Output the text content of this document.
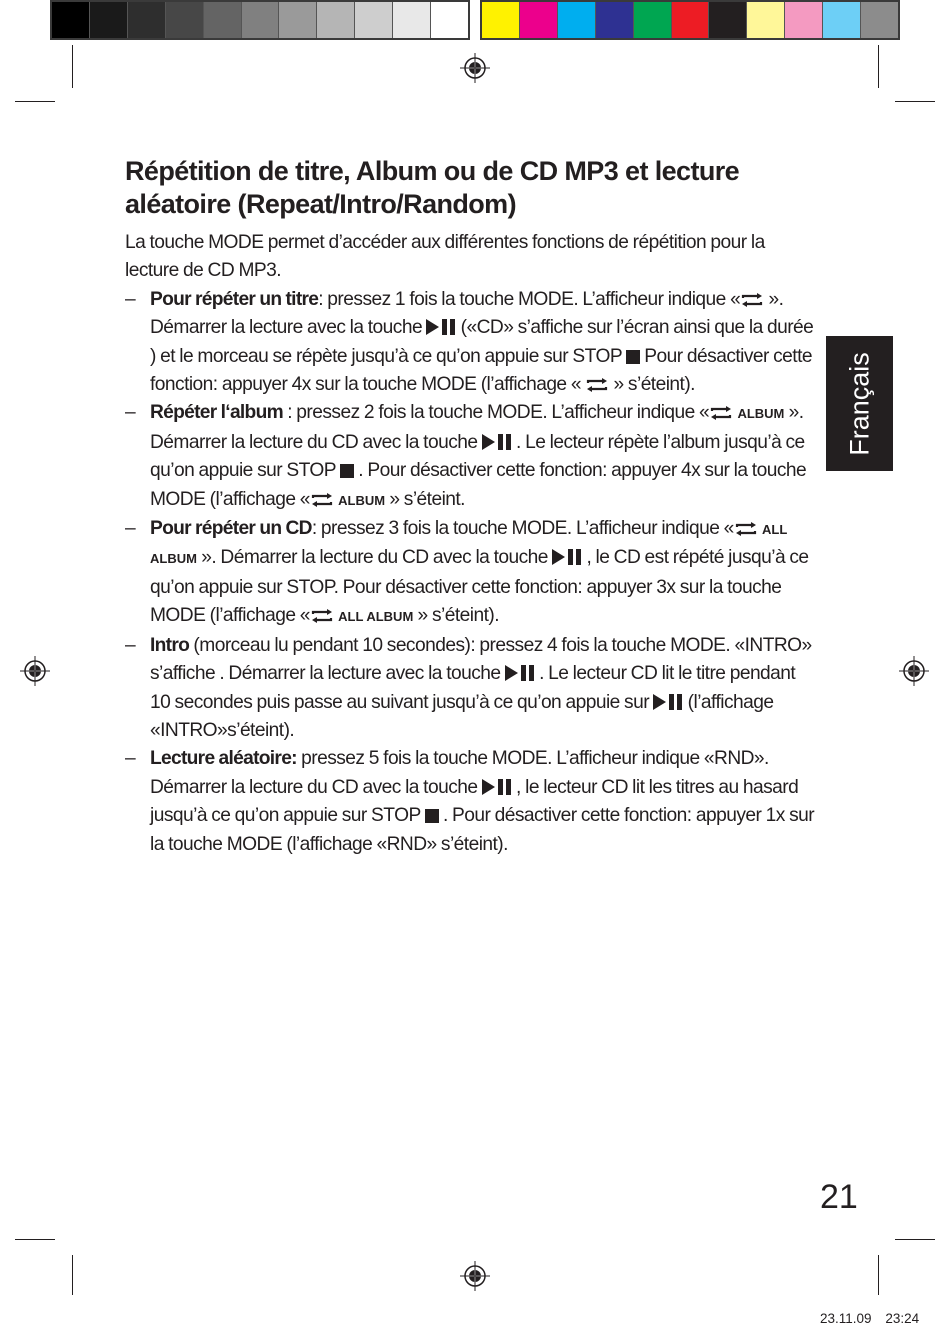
Répétition de titre, Album ou de CD MP3 et lecture aléatoire (Repeat/Intro/Random)

La touche MODE permet d’accéder aux différentes fonctions de répétition pour la lecture de CD MP3.

– Pour répéter un titre: pressez 1 fois la touche MODE. L’afficheur indique « ». Démarrer la lecture avec la touche  («CD» s’affiche sur l’écran ainsi que la durée ) et le morceau se répète jusqu’à ce qu’on appuie sur STOP  Pour désactiver cette fonction: appuyer 4x sur la touche MODE (l’affichage «  » s’éteint).

– Répéter l‘album : pressez 2 fois la touche MODE. L’afficheur indique « ALBUM ». Démarrer la lecture du CD avec la touche  . Le lecteur répète l’album jusqu’à ce qu’on appuie sur STOP  . Pour désactiver cette fonction: appuyer 4x sur la touche MODE (l’affichage « ALBUM » s’éteint.

– Pour répéter un CD: pressez 3 fois la touche MODE. L’afficheur indique « ALL ALBUM ». Démarrer la lecture du CD avec la touche  , le CD est répété jusqu’à ce qu’on appuie sur STOP. Pour désactiver cette fonction: appuyer 3x sur la touche MODE (l’affichage « ALL ALBUM » s’éteint).

– Intro (morceau lu pendant 10 secondes): pressez 4 fois la touche MODE. «INTRO» s’affiche . Démarrer la lecture avec la touche  . Le lecteur CD lit le titre pendant 10 secondes puis passe au suivant jusqu’à ce qu’on appuie sur  (l’affichage «INTRO»s’éteint).

– Lecture aléatoire: pressez 5 fois la touche MODE. L’afficheur indique «RND». Démarrer la lecture du CD avec la touche  , le lecteur CD lit les titres au hasard jusqu’à ce qu’on appuie sur STOP  . Pour désactiver cette fonction: appuyer 1x sur la touche MODE (l’affichage «RND» s’éteint).

Français
21
23.11.09 23:24
